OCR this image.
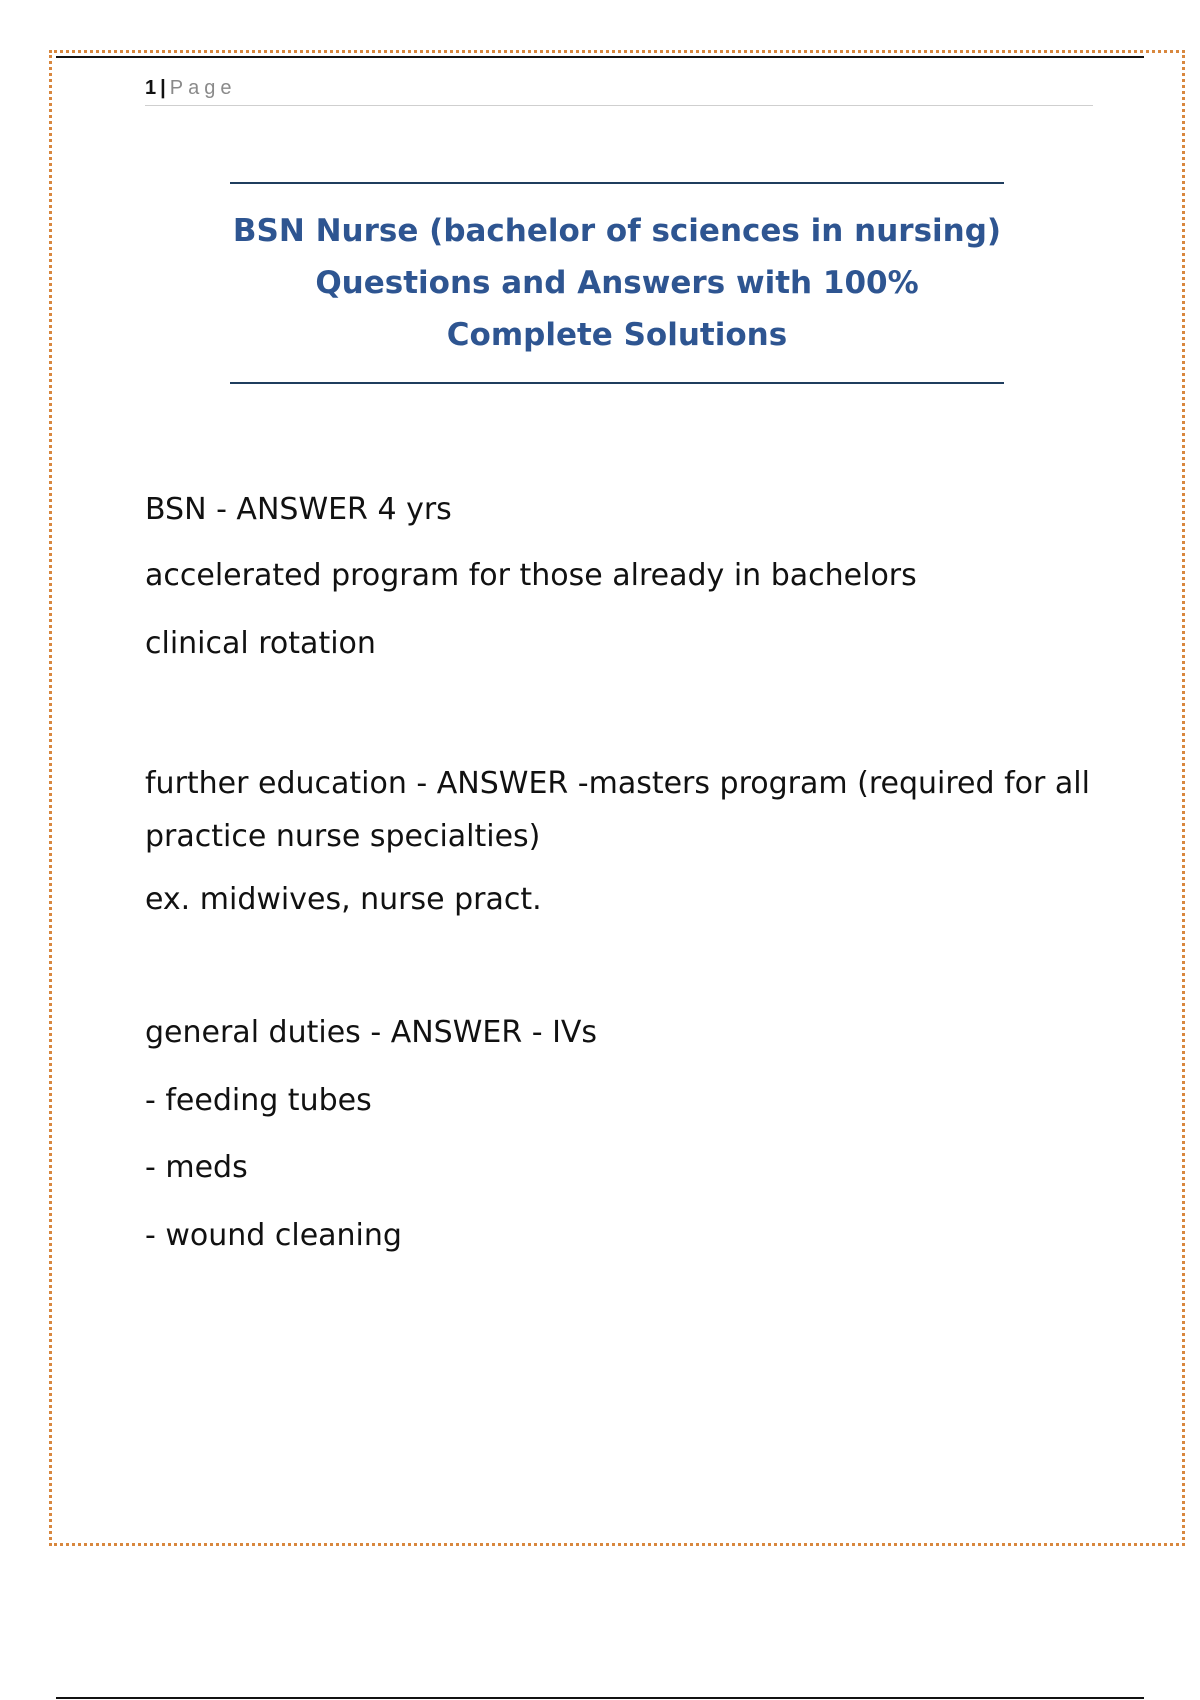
1 | Page
BSN Nurse (bachelor of sciences in nursing) Questions and Answers with 100% Complete Solutions

BSN - ANSWER 4 yrs

accelerated program for those already in bachelors

clinical rotation

further education - ANSWER -masters program (required for all practice nurse specialties)

ex. midwives, nurse pract.

general duties - ANSWER - IVs

- feeding tubes

- meds

- wound cleaning
